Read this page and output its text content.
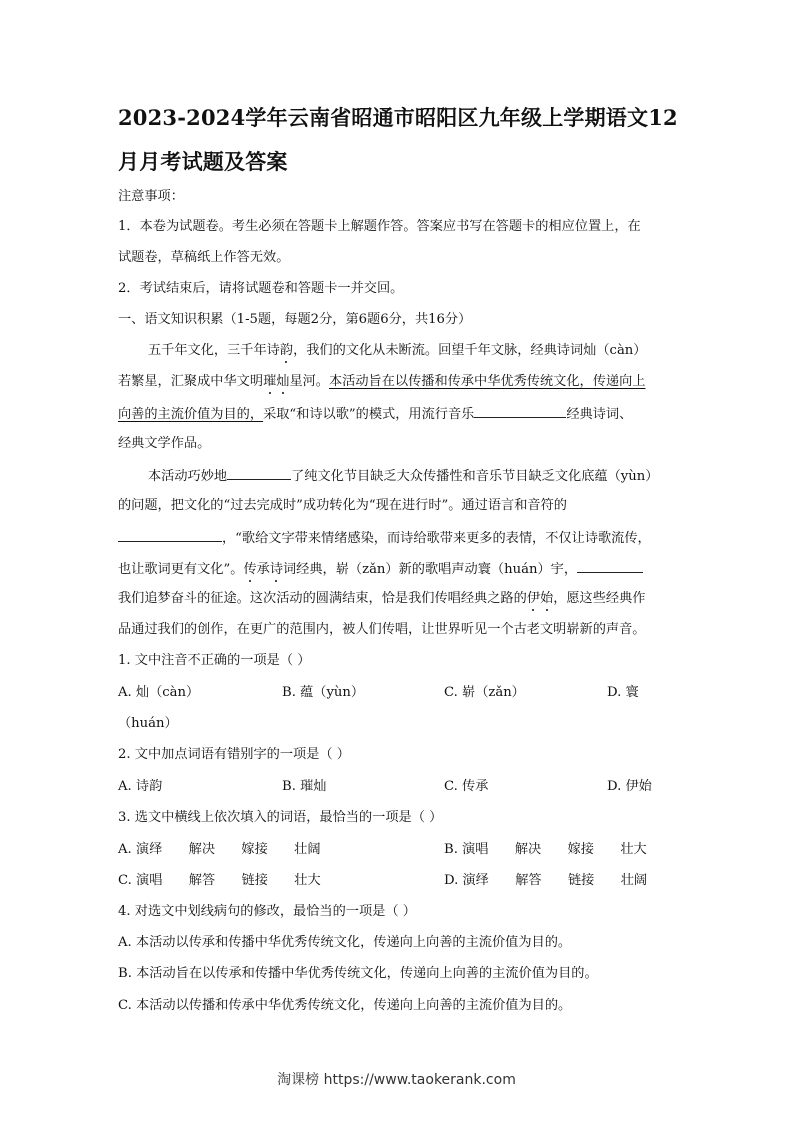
2023-2024学年云南省昭通市昭阳区九年级上学期语文12
月月考试题及答案
注意事项：
1．本卷为试题卷。考生必须在答题卡上解题作答。答案应书写在答题卡的相应位置上，在
试题卷，草稿纸上作答无效。
2．考试结束后，请将试题卷和答题卡一并交回。
一、语文知识积累（1-5题，每题2分，第6题6分，共16分）
五千年文化，三千年诗韵，我们的文化从未断流。回望千年文脉，经典诗词灿（càn）
若繁星，汇聚成中华文明璀灿星河。本活动旨在以传播和传承中华优秀传统文化，传递向上
向善的主流价值为目的，采取“和诗以歌”的模式，用流行音乐	经典诗词、
经典文学作品。
本活动巧妙地	了纯文化节目缺乏大众传播性和音乐节目缺乏文化底蕴（yùn）
的问题，把文化的“过去完成时”成功转化为“现在进行时”。通过语言和音符的
，“歌给文字带来情绪感染，而诗给歌带来更多的表情，不仅让诗歌流传，
也让歌词更有文化”。传承诗词经典，崭（zǎn）新的歌唱声动寰（huán）宇，
我们追梦奋斗的征途。这次活动的圆满结束，恰是我们传唱经典之路的伊始，愿这些经典作
品通过我们的创作，在更广的范围内，被人们传唱，让世界听见一个古老文明崭新的声音。
1. 文中注音不正确的一项是（ ）
A. 灿（càn）	B. 蕴（yùn）	C. 崭（zǎn）	D. 寰
（huán）
2. 文中加点词语有错别字的一项是（ ）
A. 诗韵	B. 璀灿	C. 传承	D. 伊始
3. 选文中横线上依次填入的词语，最恰当的一项是（ ）
A. 演绎　　解决　　嫁接　　壮阔	B. 演唱　　解决　　嫁接　　壮大
C. 演唱　　解答　　链接　　壮大	D. 演绎　　解答　　链接　　壮阔
4. 对选文中划线病句的修改，最恰当的一项是（ ）
A. 本活动以传承和传播中华优秀传统文化，传递向上向善的主流价值为目的。
B. 本活动旨在以传承和传播中华优秀传统文化，传递向上向善的主流价值为目的。
C. 本活动以传播和传承中华优秀传统文化，传递向上向善的主流价值为目的。
淘课榜 https://www.taokerank.com
